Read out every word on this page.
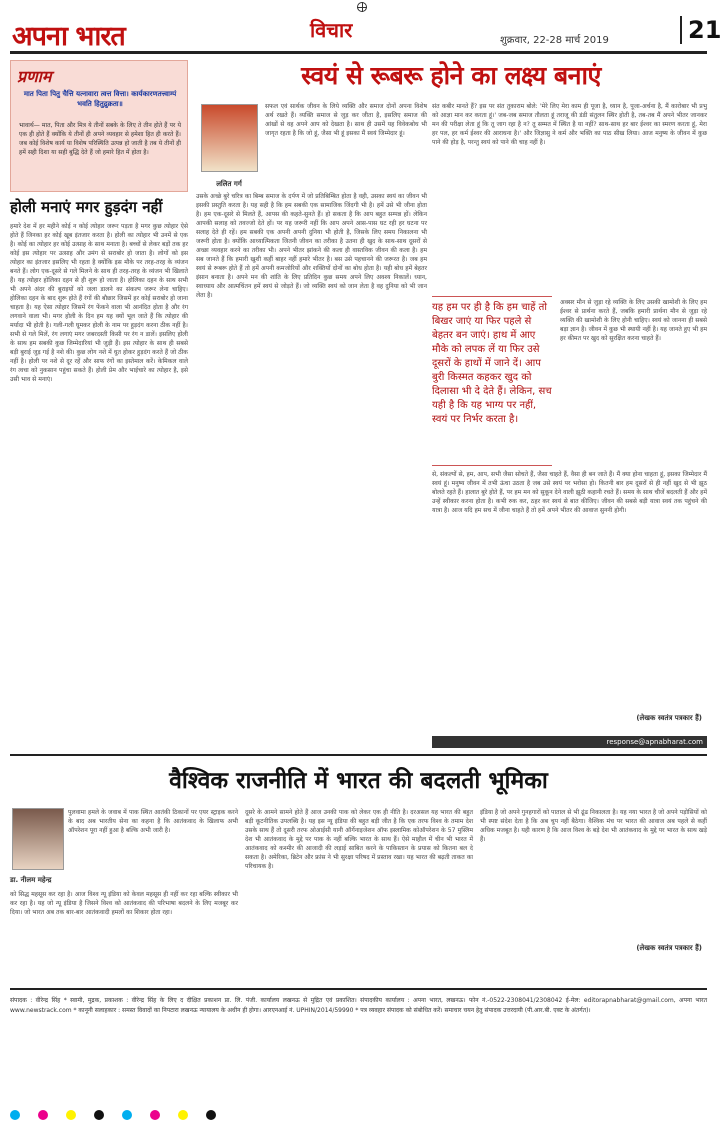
अपना भारत	विचार	शुक्रवार, 22-28 मार्च 2019	21
प्रणाम
मात पिता पितु चैत्ति यत्नावारा त्वत्त वित्ता। कार्यकारणतत्त्वाम्पं भवति हितुद्रुक्रता॥
भावार्थ— मात, पिता और मित्र ये तीनों सबके के लिए ते तीन होते हैं पर ये एक ही होते हैं क्योंकि ये तीनों ही अपने व्यवहार से हमेशा हित ही करते हैं। जब कोई विशेष कार्य या विशेष परिस्थिति उत्पन्न हो जाती है तब ये तीनों ही हमें सही दिशा या सही बुद्धि देते हैं जो हमारे हित में होता है।
होली मनाएं मगर हुड़दंग नहीं
हमारे देश में हर महीने कोई न कोई त्योहार जरूर पड़ता है मगर कुछ त्योहार ऐसे होते हैं जिनका हर कोई खूब इंतजार करता है। होली का त्योहार भी उनमें से एक है। कोई का त्योहार हर कोई उत्साह के साथ मनाता है। बच्चों से लेकर बड़ों तक हर कोई इस त्योहार पर उत्साह और उमंग से सराबोर हो जाता है। लोगों को इस त्योहार का इंतजार इसलिए भी रहता है क्योंकि इस मौके पर तरह-तरह के व्यंजन बनते हैं। लोग एक-दूसरे से गले मिलने के साथ ही तरह-तरह के व्यंजन भी खिलाते हैं। यह त्योहार होलिका दहन से ही शुरू हो जाता है। होलिका दहन के साथ सभी भी अपने अंदर की बुराइयों को जला डालने का संकल्प जरूर लेना चाहिए। होलिका दहन के बाद शुरू होते हैं रंगों की बौछार जिसमें हर कोई सराबोर हो जाना चाहता है। यह ऐसा त्योहार जिसमें रंग फेंकने वाला भी आनंदित होता है और रंग लगवाने वाला भी। मगर होली के दिन हम यह क्यों भूल जाते हैं कि त्योहार की मर्यादा भी होती है। गली-गली घूमकर होली के नाम पर हुड़दंग करना ठीक नहीं है। सभी से गले मिलें, रंग लगाएं मगर जबरदस्ती किसी पर रंग न डालें। इसलिए होली के साथ हम सबकी कुछ जिम्मेदारियां भी जुड़ी हैं। इस त्योहार के साथ ही सबसे बड़ी बुराई जुड़ गई है नशे की। कुछ लोग नशे में धुत होकर हुड़दंग करते हैं जो ठीक नहीं है। होली पर नशे से दूर रहें और साफ रंगों का इस्तेमाल करें। केमिकल वाले रंग त्वचा को नुकसान पहुंचा सकते हैं। होली प्रेम और भाईचारे का त्योहार है, इसे उसी भाव से मनाएं।
स्वयं से रूबरू होने का लक्ष्य बनाएं
ललित गर्ग
सफल एवं सार्थक जीवन के लिये व्यक्ति और समाज दोनों अपना विशेष अर्थ रखते हैं। व्यक्ति समाज से जुड़ कर जीता है, इसलिए समाज की आंखों से वह अपने आप को देखता है। साथ ही उसमें यह विवेकबोध भी जागृत रहता है कि जो हूं, जैसा भी हूं इसका मैं स्वयं जिम्मेदार हूं।
उसके अच्छे बुरे चरित्र का बिम्ब समाज के दर्पण में जो प्रतिबिम्बित होता है वही, उसका स्वयं का जीवन भी इसकी प्रस्तुति करता है। यह सही है कि हम सबकी एक सामाजिक जिंदगी भी है। हमें उसे भी जीना होता है। हम एक-दूसरे से मिलते हैं, आपस की कहते-सुनते हैं। हो सकता है कि आप बहुत सम्पन्न हों। लेकिन आपकी सलाह को तवज्जो देते हों। पर यह जरूरी नहीं कि आप अपने आस-पास घट रही हर घटना पर सलाह देते ही रहें। हम सबकी एक अपनी अपनी दुनिया भी होती है, जिसके लिए समय निकालना भी जरूरी होता है। क्योंकि आध्यात्मिकता जितनी जीवन का तरीका है उतना ही खुद के साथ-साथ दूसरों से अच्छा व्यवहार करने का तरीका भी। अपने भीतर झांकने की कला ही वास्तविक जीवन की कला है। हम सब जानते हैं कि हमारी खुशी कहीं बाहर नहीं हमारे भीतर है। बस उसे पहचानने की जरूरत है। जब हम स्वयं से रूबरू होते हैं तो हमें अपनी कमजोरियों और शक्तियों दोनों का बोध होता है। यही बोध हमें बेहतर इंसान बनाता है। अपने मन की शांति के लिए प्रतिदिन कुछ समय अपने लिए अवश्य निकालें। ध्यान, स्वाध्याय और आत्मचिंतन हमें स्वयं से जोड़ते हैं। जो व्यक्ति स्वयं को जान लेता है वह दुनिया को भी जान लेता है।
संत कबीर मानते हैं? इस पर संत तुकाराम बोले: 'मेरे लिए मेरा काम ही पूजा है, ध्यान है, पूजा-अर्चना है, मैं कारोबार भी प्रभु को आज्ञा मान कर करता हूं।' जब-जब समाज तौलता हूं तराजू की डंडी संतुलन स्थिर होती है, तब-तब मैं अपने भीतर जानकर मन की परीक्षा लेता हूं कि तू जाग रहा है न? तू सम्मत में स्थित है या नहीं? साथ-साथ हर बार ईश्वर का स्मरण करता हूं, मेरा हर पल, हर कर्म ईश्वर की आराधना है।' और जिज्ञासु ने कर्म और भक्ति का पाठ सीख लिया। आज मनुष्य के जीवन में कुछ पाने की होड़ है, परन्तु स्वयं को पाने की चाह नहीं है।
यह हम पर ही है कि हम चाहें तो बिखर जाएं या फिर पहले से बेहतर बन जाएं। हाथ में आए मौके को लपक लें या फिर उसे दूसरों के हाथों में जाने दें। आप बुरी किस्मत कहकर खुद को दिलासा भी दे देते हैं। लेकिन, सच यही है कि यह भाग्य पर नहीं, स्वयं पर निर्भर करता है।
अक्सर मौन से जुड़ा रहे व्यक्ति के लिए उसकी खामोशी के लिए हम ईश्वर से प्रार्थना करते हैं, जबकि हमारी प्रार्थना मौन से जुड़ा रहे व्यक्ति की खामोशी के लिए होनी चाहिए। स्वयं को जानना ही सबसे बड़ा ज्ञान है। जीवन में कुछ भी स्थायी नहीं है। यह जानते हुए भी हम हर कीमत पर खुद को सुरक्षित करना चाहते हैं।
से, संकल्पों से, हम, आप, सभी जैसा सोचते हैं, जैसा चाहते हैं, वैसा ही बन जाते हैं। मैं क्या होना चाहता हूं, इसका जिम्मेदार मैं स्वयं हूं। मनुष्य जीवन में तभी ऊंचा उठता है जब उसे स्वयं पर भरोसा हो। कितनी बार हम दूसरों से ही नहीं खुद से भी झूठ बोलते रहते हैं। हालात बुरे होते हैं, पर हम मन को सुकून देने वाली झूठी कहानी रचते हैं। समय के साथ चीजें बदलती हैं और हमें उन्हें स्वीकार करना होता है। कभी रुक कर, ठहर कर स्वयं से बात कीजिए। जीवन की सबसे बड़ी यात्रा स्वयं तक पहुंचने की यात्रा है। आज यदि हम सच में जीना चाहते हैं तो हमें अपने भीतर की आवाज सुननी होगी।
(लेखक स्वतंत्र पत्रकार हैं)
response@apnabharat.com
वैश्विक राजनीति में भारत की बदलती भूमिका
डा. नीलम महेन्द्र
पुलवामा हमले के जवाब में पाक स्थित आतंकी ठिकानों पर एयर स्ट्राइक करने के बाद अब भारतीय सेना का कहना है कि आतंकवाद के खिलाफ अभी ऑपरेशन पूरा नहीं हुआ है बल्कि अभी जारी है।
को सिद्ध महसूस कर रहा है। आज विश्व न्यू इंडिया को केवल महसूस ही नहीं कर रहा बल्कि स्वीकार भी कर रहा है। यह जो न्यू इंडिया है जिसने विश्व को आतंकवाद की परिभाषा बदलने के लिए मजबूर कर दिया। जो भारत अब तक बार-बार आतंकवादी हमलों का शिकार होता रहा।
दूसरे के आमने सामने होते हैं आज उनकी पाक को लेकर एक ही नीति है। दरअसल यह भारत की बहुत बड़ी कूटनीतिक उपलब्धि है। यह इस न्यू इंडिया की बहुत बड़ी जीत है कि एक तरफ विश्व के तमाम देश उसके साथ हैं तो दूसरी तरफ ओआईसी यानी ऑर्गेनाइजेशन ऑफ इस्लामिक कोऑपरेशन के 57 मुस्लिम देश भी आतंकवाद के मुद्दे पर पाक के नहीं बल्कि भारत के साथ हैं। ऐसे माहौल में चीन भी भारत में आतंकवाद को कश्मीर की आजादी की लड़ाई साबित करने के पाकिस्तान के प्रयास को कितना बल दे सकता है। अमेरिका, ब्रिटेन और फ्रांस ने भी सुरक्षा परिषद में प्रस्ताव रखा। यह भारत की बढ़ती ताकत का परिचायक है।
इंडिया है जो अपने गुनहगारों को पाताल से भी ढूंढ निकालता है। यह नया भारत है जो अपने पड़ोसियों को भी स्पष्ट संदेश देता है कि अब चुप नहीं बैठेगा। वैश्विक मंच पर भारत की आवाज अब पहले से कहीं अधिक मजबूत है। यही कारण है कि आज विश्व के बड़े देश भी आतंकवाद के मुद्दे पर भारत के साथ खड़े हैं।
(लेखक स्वतंत्र पत्रकार हैं)
संपादक : वीरेन्द्र सिंह * स्वामी, मुद्रक, प्रकाशक : वीरेन्द्र सिंह के लिए द दीक्षित प्रकाशन प्रा. लि. पंजी. कार्यालय लखनऊ से मुद्रित एवं प्रकाशित। संपादकीय कार्यालय : अपना भारत, लखनऊ। फोन नं.-0522-2308041/2308042 ई-मेल: editorapnabharat@gmail.com, अपना भारत www.newstrack.com * कानूनी सलाहकार : समस्त विवादों का निपटारा लखनऊ न्यायालय के अधीन ही होगा। आरएनआई नं. UPHIN/2014/59990 * पत्र व्यवहार संपादक को संबोधित करें। समाचार चयन हेतु संपादक उत्तरदायी (पी.आर.बी. एक्ट के अंतर्गत)।
